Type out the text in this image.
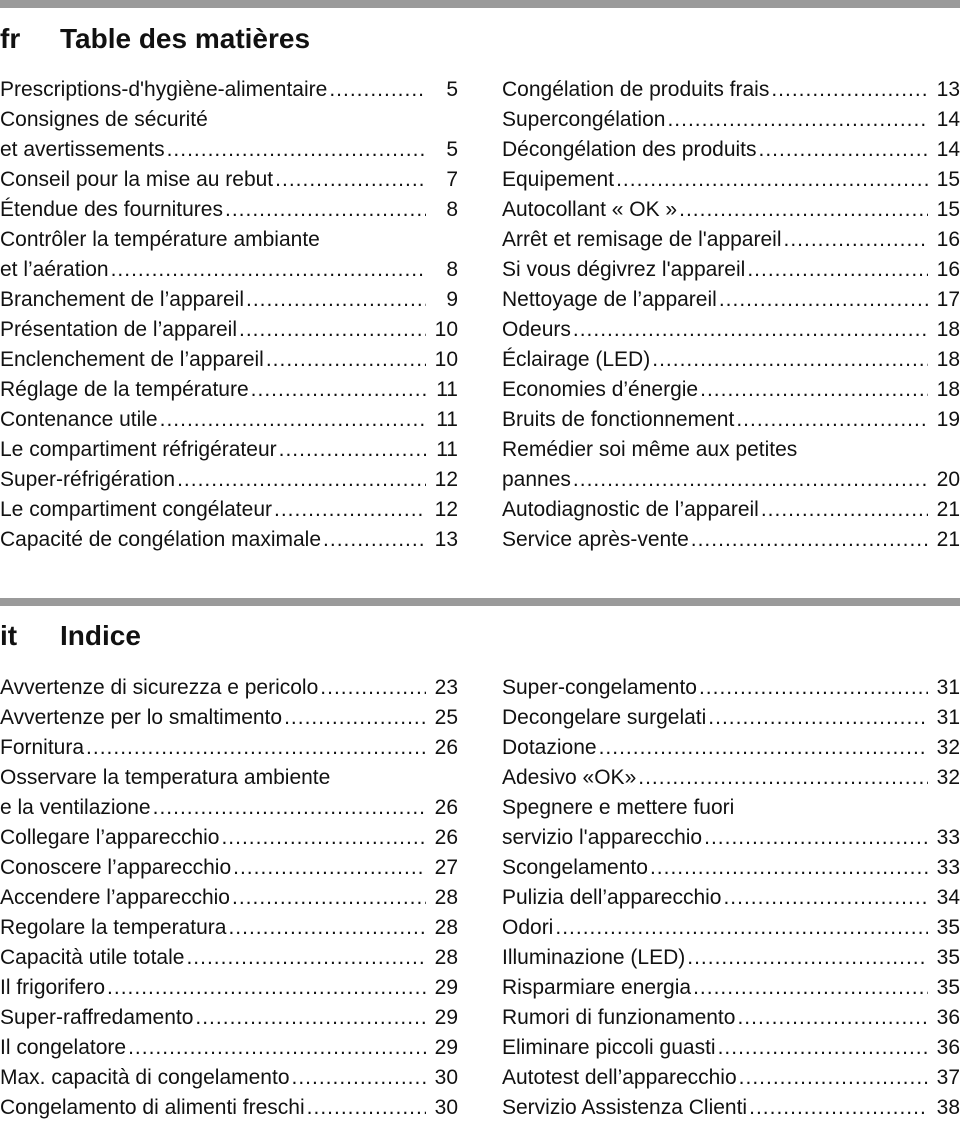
fr	Table des matières
Prescriptions-d'hygiène-alimentaire .....	5
Consignes de sécurité
et avertissements .....	5
Conseil pour la mise au rebut .....	7
Étendue des fournitures .....	8
Contrôler la température ambiante
et l’aération .....	8
Branchement de l’appareil .....	9
Présentation de l’appareil .....	10
Enclenchement de l’appareil .....	10
Réglage de la température .....	11
Contenance utile .....	11
Le compartiment réfrigérateur .....	11
Super-réfrigération .....	12
Le compartiment congélateur .....	12
Capacité de congélation maximale .....	13
Congélation de produits frais .....	13
Supercongélation .....	14
Décongélation des produits .....	14
Equipement .....	15
Autocollant « OK » .....	15
Arrêt et remisage de l'appareil .....	16
Si vous dégivrez l'appareil .....	16
Nettoyage de l’appareil .....	17
Odeurs .....	18
Éclairage (LED) .....	18
Economies d’énergie .....	18
Bruits de fonctionnement .....	19
Remédier soi même aux petites
pannes .....	20
Autodiagnostic de l’appareil .....	21
Service après-vente .....	21
it	Indice
Avvertenze di sicurezza e pericolo .....	23
Avvertenze per lo smaltimento .....	25
Fornitura .....	26
Osservare la temperatura ambiente
e la ventilazione .....	26
Collegare l’apparecchio .....	26
Conoscere l’apparecchio .....	27
Accendere l’apparecchio .....	28
Regolare la temperatura .....	28
Capacità utile totale .....	28
Il frigorifero .....	29
Super-raffredamento .....	29
Il congelatore .....	29
Max. capacità di congelamento .....	30
Congelamento di alimenti freschi .....	30
Super-congelamento .....	31
Decongelare surgelati .....	31
Dotazione .....	32
Adesivo «OK» .....	32
Spegnere e mettere fuori
servizio l'apparecchio .....	33
Scongelamento .....	33
Pulizia dell’apparecchio .....	34
Odori .....	35
Illuminazione (LED) .....	35
Risparmiare energia .....	35
Rumori di funzionamento .....	36
Eliminare piccoli guasti .....	36
Autotest dell’apparecchio .....	37
Servizio Assistenza Clienti .....	38
